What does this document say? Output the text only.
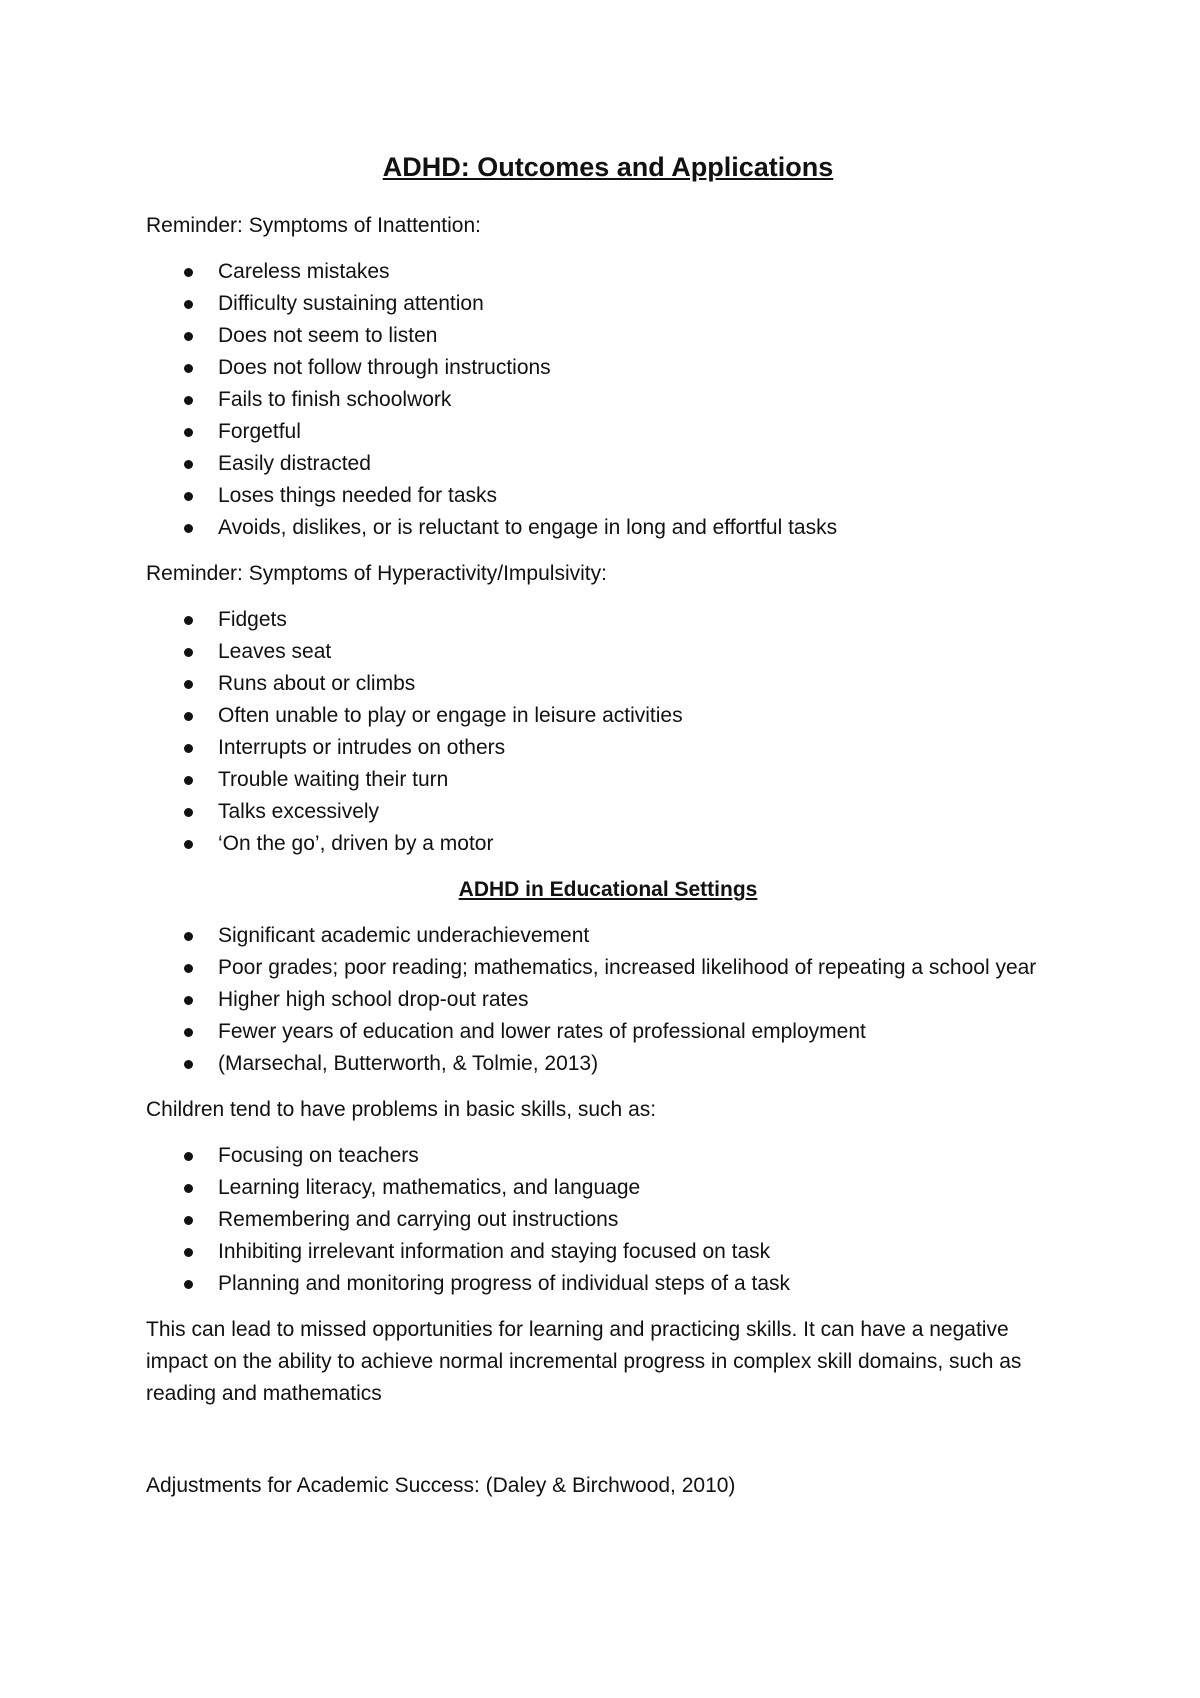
ADHD: Outcomes and Applications

Reminder: Symptoms of Inattention:

Careless mistakes
Difficulty sustaining attention
Does not seem to listen
Does not follow through instructions
Fails to finish schoolwork
Forgetful
Easily distracted
Loses things needed for tasks
Avoids, dislikes, or is reluctant to engage in long and effortful tasks

Reminder: Symptoms of Hyperactivity/Impulsivity:

Fidgets
Leaves seat
Runs about or climbs
Often unable to play or engage in leisure activities
Interrupts or intrudes on others
Trouble waiting their turn
Talks excessively
‘On the go’, driven by a motor
ADHD in Educational Settings
Significant academic underachievement
Poor grades; poor reading; mathematics, increased likelihood of repeating a school year
Higher high school drop-out rates
Fewer years of education and lower rates of professional employment
(Marsechal, Butterworth, & Tolmie, 2013)

Children tend to have problems in basic skills, such as:

Focusing on teachers
Learning literacy, mathematics, and language
Remembering and carrying out instructions
Inhibiting irrelevant information and staying focused on task
Planning and monitoring progress of individual steps of a task

This can lead to missed opportunities for learning and practicing skills. It can have a negative impact on the ability to achieve normal incremental progress in complex skill domains, such as reading and mathematics

Adjustments for Academic Success: (Daley & Birchwood, 2010)
